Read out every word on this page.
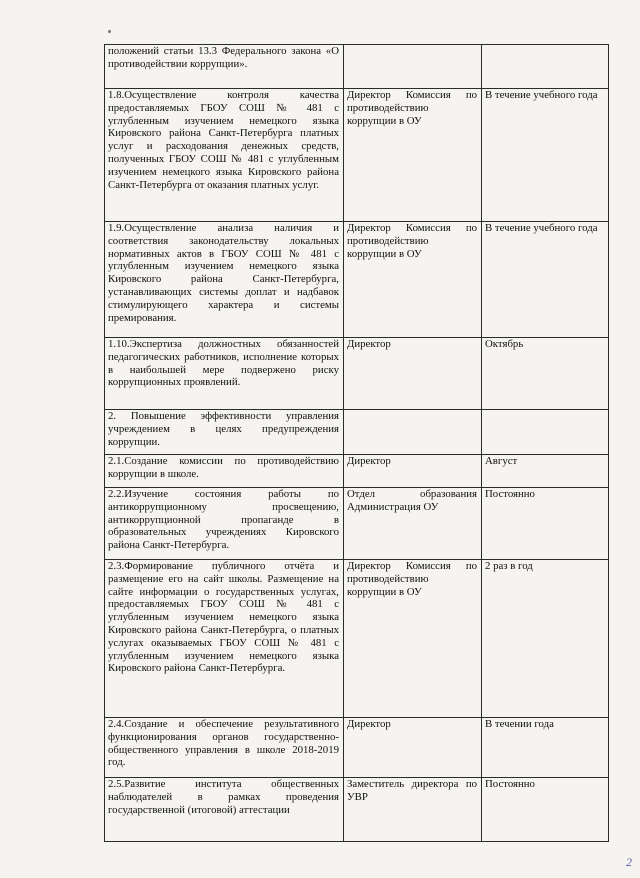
положений статьи 13.3 Федерального закона «О противодействии коррупции».		
1.8.Осуществление контроля качества предоставляемых ГБОУ СОШ № 481 с углубленным изучением немецкого языка Кировского района Санкт-Петербурга платных услуг и расходования денежных средств, полученных ГБОУ СОШ № 481 с углубленным изучением немецкого языка Кировского района Санкт-Петербурга от оказания платных услуг.	Директор Комиссия по противодействию коррупции в ОУ	В течение учебного года
1.9.Осуществление анализа наличия и соответствия законодательству локальных нормативных актов в ГБОУ СОШ № 481 с углубленным изучением немецкого языка Кировского района Санкт-Петербурга, устанавливающих системы доплат и надбавок стимулирующего характера и системы премирования.	Директор Комиссия по противодействию коррупции в ОУ	В течение учебного года
1.10.Экспертиза должностных обязанностей педагогических работников, исполнение которых в наибольшей мере подвержено риску коррупционных проявлений.	Директор	Октябрь
2. Повышение эффективности управления учреждением в целях предупреждения коррупции.		
2.1.Создание комиссии по противодействию коррупции в школе.	Директор	Август
2.2.Изучение состояния работы по антикоррупционному просвещению, антикоррупционной пропаганде в образовательных учреждениях Кировского района Санкт-Петербурга.	Отдел образования Администрация ОУ	Постоянно
2.3.Формирование публичного отчёта и размещение его на сайт школы. Размещение на сайте информации о государственных услугах, предоставляемых ГБОУ СОШ № 481 с углубленным изучением немецкого языка Кировского района Санкт-Петербурга, о платных услугах оказываемых ГБОУ СОШ № 481 с углубленным изучением немецкого языка Кировского района Санкт-Петербурга.	Директор Комиссия по противодействию коррупции в ОУ	2 раз в год
2.4.Создание и обеспечение результативного функционирования органов государственно-общественного управления в школе 2018-2019 год.	Директор	В течении года
2.5.Развитие института общественных наблюдателей в рамках проведения государственной (итоговой) аттестации	Заместитель директора по УВР	Постоянно
2
